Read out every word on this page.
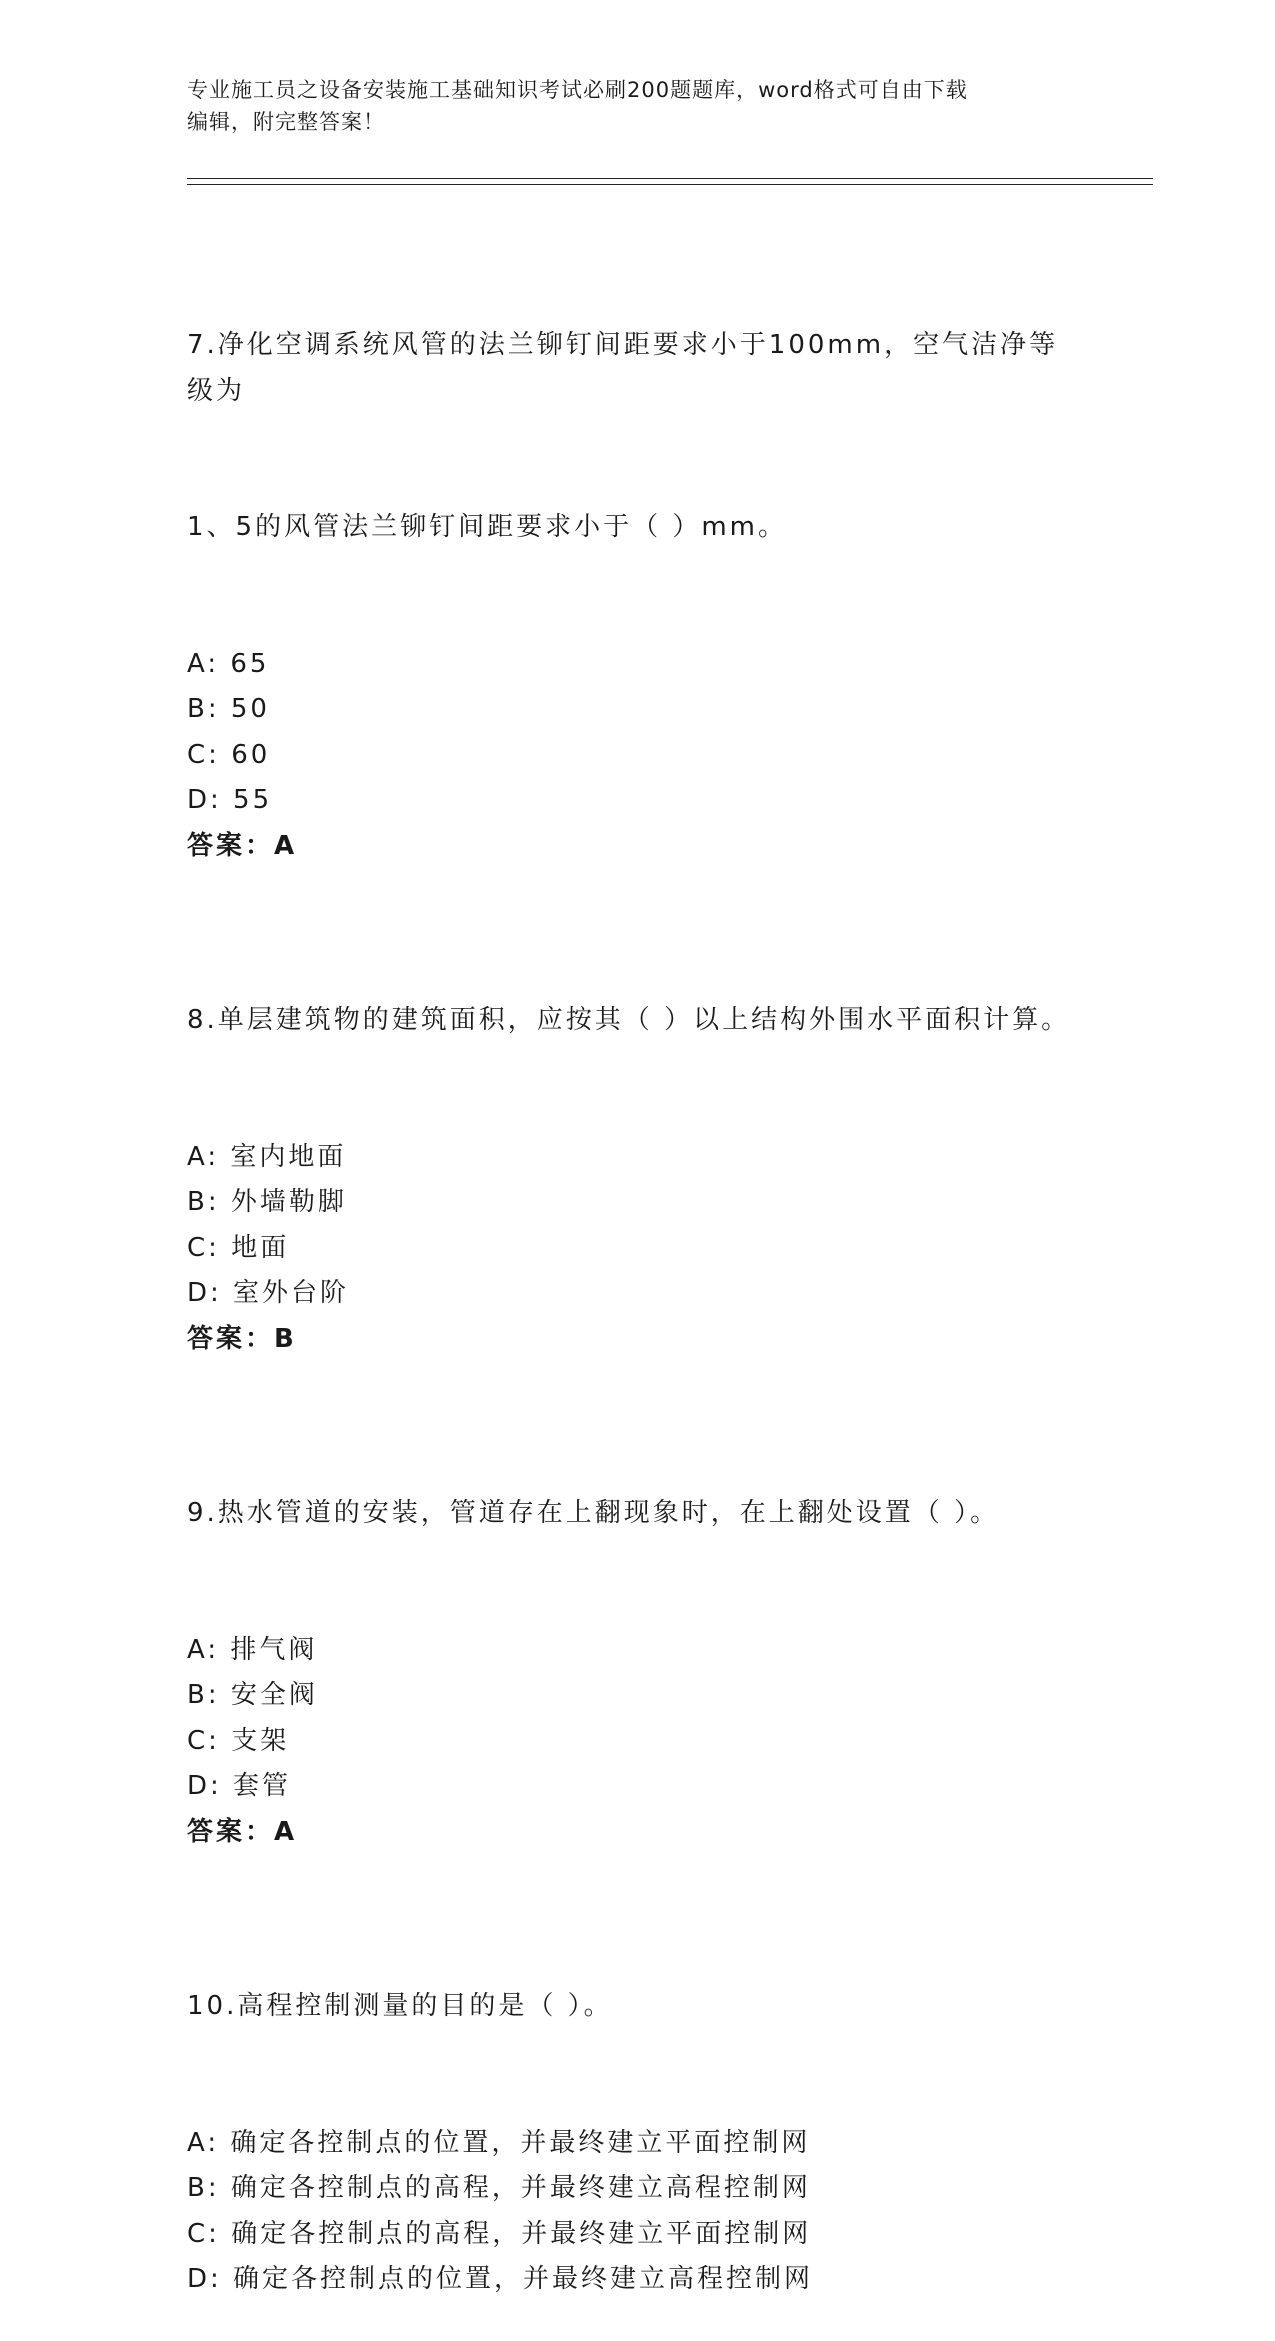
专业施工员之设备安装施工基础知识考试必刷200题题库，word格式可自由下载
编辑，附完整答案！

7.净化空调系统风管的法兰铆钉间距要求小于100mm，空气洁净等级为

1、5的风管法兰铆钉间距要求小于（ ）mm。

A: 65
B: 50
C: 60
D: 55
答案：A

8.单层建筑物的建筑面积，应按其（ ）以上结构外围水平面积计算。

A: 室内地面
B: 外墙勒脚
C: 地面
D: 室外台阶
答案：B

9.热水管道的安装，管道存在上翻现象时，在上翻处设置（ ）。

A: 排气阀
B: 安全阀
C: 支架
D: 套管
答案：A

10.高程控制测量的目的是（ ）。

A: 确定各控制点的位置，并最终建立平面控制网
B: 确定各控制点的高程，并最终建立高程控制网
C: 确定各控制点的高程，并最终建立平面控制网
D: 确定各控制点的位置，并最终建立高程控制网
